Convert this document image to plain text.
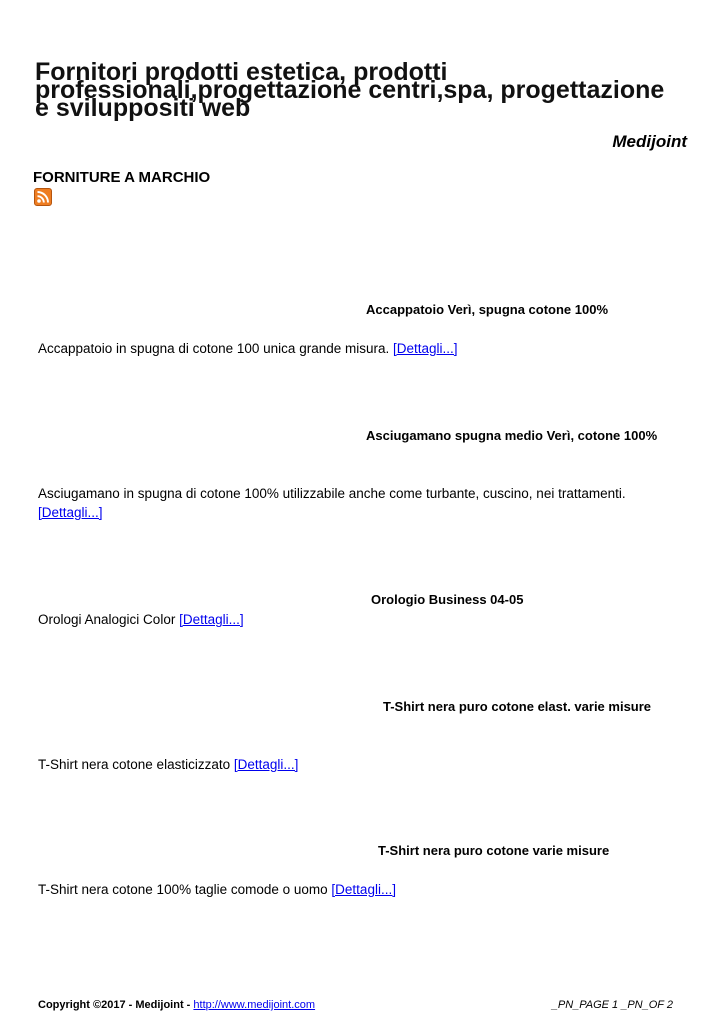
Fornitori prodotti estetica, prodotti professionali,progettazione centri,spa, progettazione e sviluppositi web
Medijoint
FORNITURE A MARCHIO
Accappatoio Verì, spugna cotone 100%
Accappatoio in spugna di cotone 100 unica grande misura. [Dettagli...]
Asciugamano spugna medio Verì, cotone 100%
Asciugamano in spugna di cotone 100% utilizzabile anche come turbante, cuscino, nei trattamenti.
[Dettagli...]
Orologio Business 04-05
Orologi Analogici Color [Dettagli...]
T-Shirt nera puro cotone elast. varie misure
T-Shirt nera cotone elasticizzato [Dettagli...]
T-Shirt nera puro cotone varie misure
T-Shirt nera cotone 100% taglie comode o uomo [Dettagli...]
Copyright ©2017 - Medijoint - http://www.medijoint.com	_PN_PAGE 1 _PN_OF 2
